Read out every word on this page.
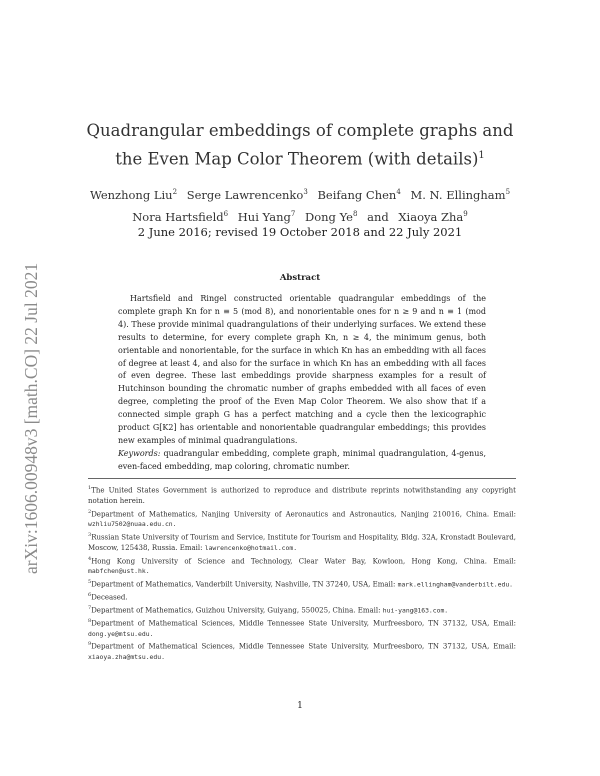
arXiv:1606.00948v3 [math.CO] 22 Jul 2021
Quadrangular embeddings of complete graphs and the Even Map Color Theorem (with details)$^1$
Wenzhong Liu$^2$ Serge Lawrencenko$^3$ Beifang Chen$^4$ M. N. Ellingham$^5$
Nora Hartsfield$^6$ Hui Yang$^7$ Dong Ye$^8$ and Xiaoya Zha$^9$
2 June 2016; revised 19 October 2018 and 22 July 2021
Abstract
Hartsfield and Ringel constructed orientable quadrangular embeddings of the complete graph Kn for n ≡ 5 (mod 8), and nonorientable ones for n ≥ 9 and n ≡ 1 (mod 4). These provide minimal quadrangulations of their underlying surfaces. We extend these results to determine, for every complete graph Kn, n ≥ 4, the minimum genus, both orientable and nonorientable, for the surface in which Kn has an embedding with all faces of degree at least 4, and also for the surface in which Kn has an embedding with all faces of even degree. These last embeddings provide sharpness examples for a result of Hutchinson bounding the chromatic number of graphs embedded with all faces of even degree, completing the proof of the Even Map Color Theorem. We also show that if a connected simple graph G has a perfect matching and a cycle then the lexicographic product G[K2] has orientable and nonorientable quadrangular embeddings; this provides new examples of minimal quadrangulations.
Keywords: quadrangular embedding, complete graph, minimal quadrangulation, 4-genus, even-faced embedding, map coloring, chromatic number.

$^1$The United States Government is authorized to reproduce and distribute reprints notwithstanding any copyright notation herein.

$^2$Department of Mathematics, Nanjing University of Aeronautics and Astronautics, Nanjing 210016, China. Email: wzhliu7502@nuaa.edu.cn.

$^3$Russian State University of Tourism and Service, Institute for Tourism and Hospitality, Bldg. 32A, Kronstadt Boulevard, Moscow, 125438, Russia. Email: lawrencenko@hotmail.com.

$^4$Hong Kong University of Science and Technology, Clear Water Bay, Kowloon, Hong Kong, China. Email: mabfchen@ust.hk.

$^5$Department of Mathematics, Vanderbilt University, Nashville, TN 37240, USA, Email: mark.ellingham@vanderbilt.edu.

$^6$Deceased.

$^7$Department of Mathematics, Guizhou University, Guiyang, 550025, China. Email: hui-yang@163.com.

$^8$Department of Mathematical Sciences, Middle Tennessee State University, Murfreesboro, TN 37132, USA, Email: dong.ye@mtsu.edu.

$^9$Department of Mathematical Sciences, Middle Tennessee State University, Murfreesboro, TN 37132, USA, Email: xiaoya.zha@mtsu.edu.

1
